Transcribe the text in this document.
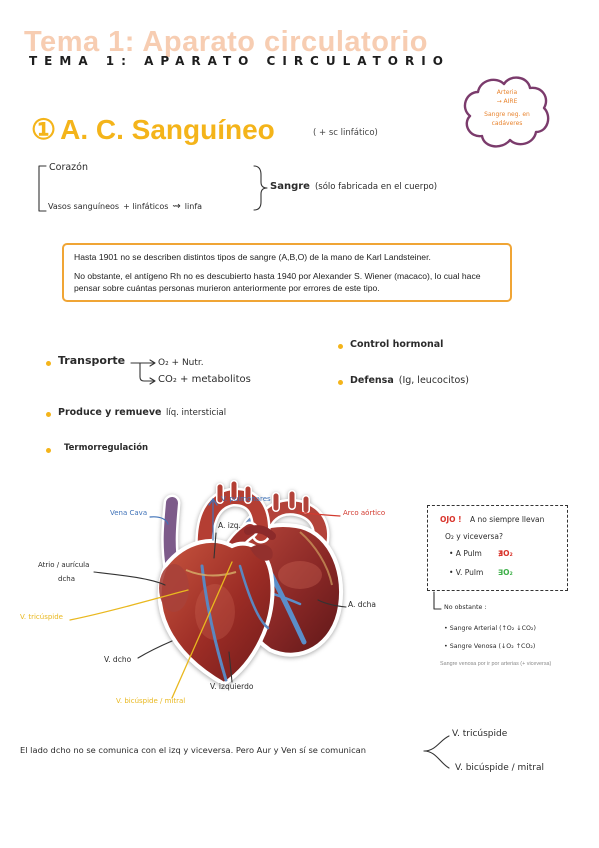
Tema 1: Aparato circulatorio
TEMA 1: APARATO CIRCULATORIO
Arteria
→ AIRE
Sangre neg. en
cadáveres
① A. C. Sanguíneo	( + sc linfático)
Corazón
Vasos sanguíneos + linfáticos ⇝ linfa
Sangre (sólo fabricada en el cuerpo)

Hasta 1901 no se describen distintos tipos de sangre (A,B,O) de la mano de Karl Landsteiner.

No obstante, el antígeno Rh no es descubierto hasta 1940 por Alexander S. Wiener (macaco), lo cual hace pensar sobre cuántas personas murieron anteriormente por errores de este tipo.

Transporte	O₂ + Nutr.
CO₂ + metabolitos
Produce y remueve líq. intersticial
Termorregulación
Control hormonal
Defensa (Ig, leucocitos)
Vena Cava
V. pulmonares
A. izq.
Arco aórtico
Atrio / aurícula
dcha
V. tricúspide
V. dcho
V. bicúspide / mitral
V. izquierdo
A. dcha
OJO ! A no siempre llevan
O₂ y viceversa?
• A Pulm ∄O₂
• V. Pulm ∃O₂
No obstante :
• Sangre Arterial (↑O₂ ↓CO₂)
• Sangre Venosa (↓O₂ ↑CO₂)
Sangre venosa por ir por arterias (+ viceversa)
El lado dcho no se comunica con el izq y viceversa. Pero Aur y Ven sí se comunican
V. tricúspide
V. bicúspide / mitral
